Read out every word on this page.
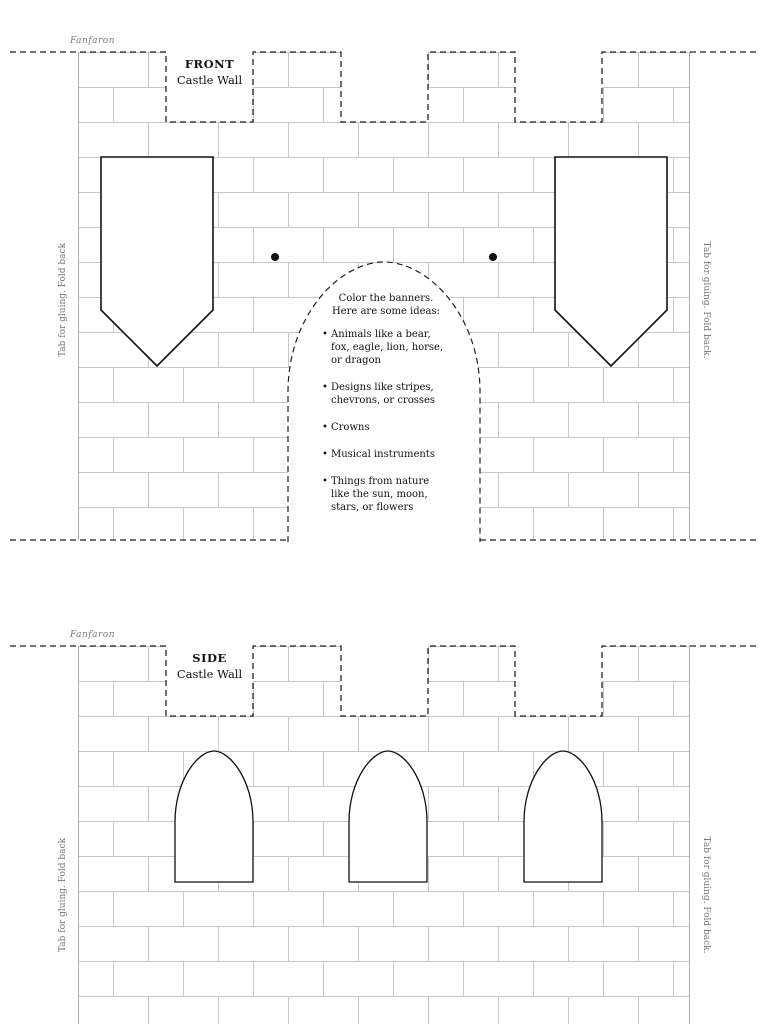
Fanfaron
FRONT
Castle Wall
Tab for gluing. Fold back	Tab for gluing. Fold back.
Color the banners.
Here are some ideas:
• Animals like a bear, fox, eagle, lion, horse, or dragon
• Designs like stripes, chevrons, or crosses
• Crowns
• Musical instruments
• Things from nature like the sun, moon, stars, or flowers
Fanfaron
SIDE
Castle Wall
Tab for gluing. Fold back	Tab for gluing. Fold back.
